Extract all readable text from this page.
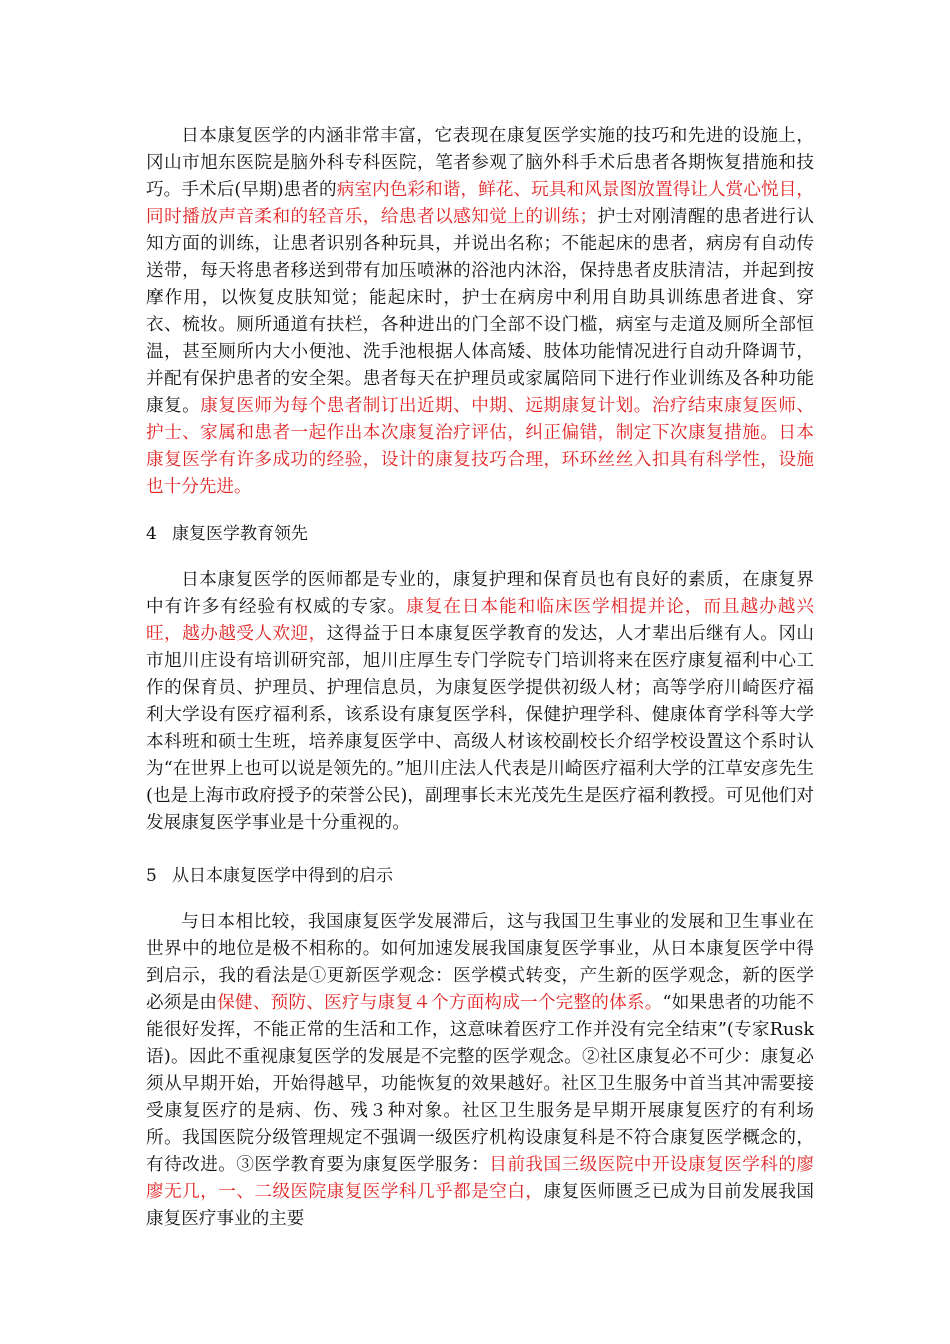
日本康复医学的内涵非常丰富，它表现在康复医学实施的技巧和先进的设施上，冈山市旭东医院是脑外科专科医院，笔者参观了脑外科手术后患者各期恢复措施和技巧。手术后(早期)患者的病室内色彩和谐，鲜花、玩具和风景图放置得让人赏心悦目，同时播放声音柔和的轻音乐，给患者以感知觉上的训练；护士对刚清醒的患者进行认知方面的训练，让患者识别各种玩具，并说出名称；不能起床的患者，病房有自动传送带，每天将患者移送到带有加压喷淋的浴池内沐浴，保持患者皮肤清洁，并起到按摩作用，以恢复皮肤知觉；能起床时，护士在病房中利用自助具训练患者进食、穿衣、梳妆。厕所通道有扶栏，各种进出的门全部不设门槛，病室与走道及厕所全部恒温，甚至厕所内大小便池、洗手池根据人体高矮、肢体功能情况进行自动升降调节，并配有保护患者的安全架。患者每天在护理员或家属陪同下进行作业训练及各种功能康复。康复医师为每个患者制订出近期、中期、远期康复计划。治疗结束康复医师、护士、家属和患者一起作出本次康复治疗评估，纠正偏错，制定下次康复措施。日本康复医学有许多成功的经验，设计的康复技巧合理，环环丝丝入扣具有科学性，设施也十分先进。

4 康复医学教育领先

日本康复医学的医师都是专业的，康复护理和保育员也有良好的素质，在康复界中有许多有经验有权威的专家。康复在日本能和临床医学相提并论，而且越办越兴旺，越办越受人欢迎，这得益于日本康复医学教育的发达，人才辈出后继有人。冈山市旭川庄设有培训研究部，旭川庄厚生专门学院专门培训将来在医疗康复福利中心工作的保育员、护理员、护理信息员，为康复医学提供初级人材；高等学府川崎医疗福利大学设有医疗福利系，该系设有康复医学科，保健护理学科、健康体育学科等大学本科班和硕士生班，培养康复医学中、高级人材该校副校长介绍学校设置这个系时认为“在世界上也可以说是领先的。”旭川庄法人代表是川崎医疗福利大学的江草安彦先生(也是上海市政府授予的荣誉公民)，副理事长末光茂先生是医疗福利教授。可见他们对发展康复医学事业是十分重视的。

5 从日本康复医学中得到的启示

与日本相比较，我国康复医学发展滞后，这与我国卫生事业的发展和卫生事业在世界中的地位是极不相称的。如何加速发展我国康复医学事业，从日本康复医学中得到启示，我的看法是①更新医学观念：医学模式转变，产生新的医学观念，新的医学必须是由保健、预防、医疗与康复４个方面构成一个完整的体系。“如果患者的功能不能很好发挥，不能正常的生活和工作，这意味着医疗工作并没有完全结束”(专家Rusk语)。因此不重视康复医学的发展是不完整的医学观念。②社区康复必不可少：康复必须从早期开始，开始得越早，功能恢复的效果越好。社区卫生服务中首当其冲需要接受康复医疗的是病、伤、残３种对象。社区卫生服务是早期开展康复医疗的有利场所。我国医院分级管理规定不强调一级医疗机构设康复科是不符合康复医学概念的，有待改进。③医学教育要为康复医学服务：目前我国三级医院中开设康复医学科的廖廖无几，一、二级医院康复医学科几乎都是空白，康复医师匮乏已成为目前发展我国康复医疗事业的主要
